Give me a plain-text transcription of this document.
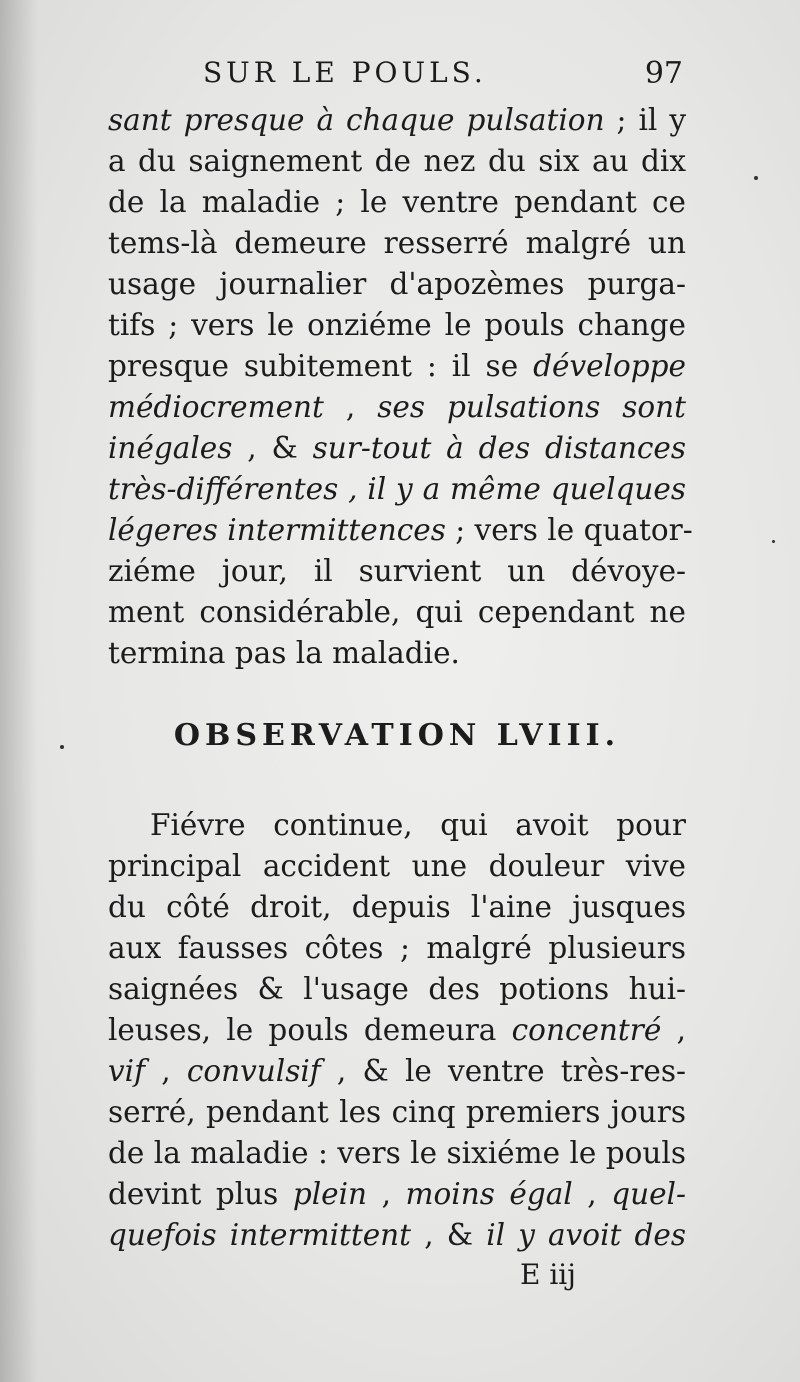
SUR LE POULS.	97
sant presque à chaque pulsation ; il y
a du saignement de nez du six au dix
de la maladie ; le ventre pendant ce
tems-là demeure resserré malgré un
usage journalier d'apozèmes purga-
tifs ; vers le onziéme le pouls change
presque subitement : il se développe
médiocrement , ses pulsations sont
inégales , & sur-tout à des distances
très-différentes , il y a même quelques
légeres intermittences ; vers le quator-
ziéme jour, il survient un dévoye-
ment considérable, qui cependant ne
termina pas la maladie.
OBSERVATION LVIII.
Fiévre continue, qui avoit pour
principal accident une douleur vive
du côté droit, depuis l'aine jusques
aux fausses côtes ; malgré plusieurs
saignées & l'usage des potions hui-
leuses, le pouls demeura concentré ,
vif , convulsif , & le ventre très-res-
serré, pendant les cinq premiers jours
de la maladie : vers le sixiéme le pouls
devint plus plein , moins égal , quel-
quefois intermittent , & il y avoit des
E iij
